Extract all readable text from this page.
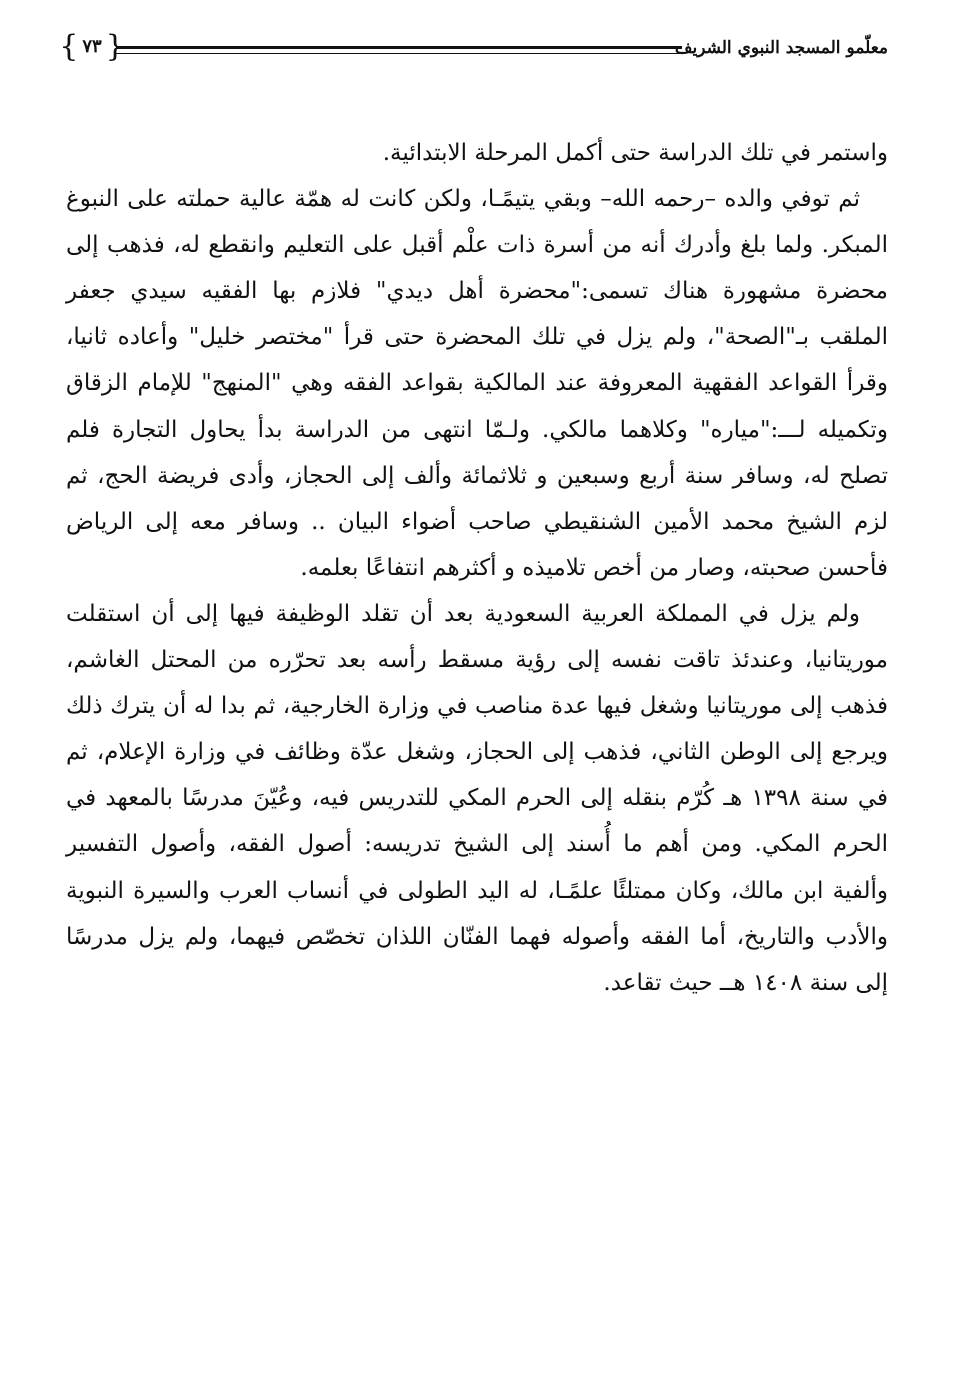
معلّمو المسجد النبوي الشريف
{ ٧٣ }

واستمر في تلك الدراسة حتى أكمل المرحلة الابتدائية.

ثم توفي والده –رحمه الله– وبقي يتيمًـا، ولكن كانت له همّة عالية حملته على النبوغ المبكر. ولما بلغ وأدرك أنه من أسرة ذات علْم أقبل على التعليم وانقطع له، فذهب إلى محضرة مشهورة هناك تسمى:"محضرة أهل ديدي" فلازم بها الفقيه سيدي جعفر الملقب بـ"الصحة"، ولم يزل في تلك المحضرة حتى قرأ "مختصر خليل" وأعاده ثانيا، وقرأ القواعد الفقهية المعروفة عند المالكية بقواعد الفقه وهي "المنهج" للإمام الزقاق وتكميله لـــ:"مياره" وكلاهما مالكي. ولـمّا انتهى من الدراسة بدأ يحاول التجارة فلم تصلح له، وسافر سنة أربع وسبعين و ثلاثمائة وألف إلى الحجاز، وأدى فريضة الحج، ثم لزم الشيخ محمد الأمين الشنقيطي صاحب أضواء البيان .. وسافر معه إلى الرياض فأحسن صحبته، وصار من أخص تلاميذه و أكثرهم انتفاعًا بعلمه.

ولم يزل في المملكة العربية السعودية بعد أن تقلد الوظيفة فيها إلى أن استقلت موريتانيا، وعندئذ تاقت نفسه إلى رؤية مسقط رأسه بعد تحرّره من المحتل الغاشم، فذهب إلى موريتانيا وشغل فيها عدة مناصب في وزارة الخارجية، ثم بدا له أن يترك ذلك ويرجع إلى الوطن الثاني، فذهب إلى الحجاز، وشغل عدّة وظائف في وزارة الإعلام، ثم في سنة ١٣٩٨ هـ كُرّم بنقله إلى الحرم المكي للتدريس فيه، وعُيّنَ مدرسًا بالمعهد في الحرم المكي. ومن أهم ما أُسند إلى الشيخ تدريسه: أصول الفقه، وأصول التفسير وألفية ابن مالك، وكان ممتلئًا علمًـا، له اليد الطولى في أنساب العرب والسيرة النبوية والأدب والتاريخ، أما الفقه وأصوله فهما الفنّان اللذان تخصّص فيهما، ولم يزل مدرسًا إلى سنة ١٤٠٨ هــ حيث تقاعد.
